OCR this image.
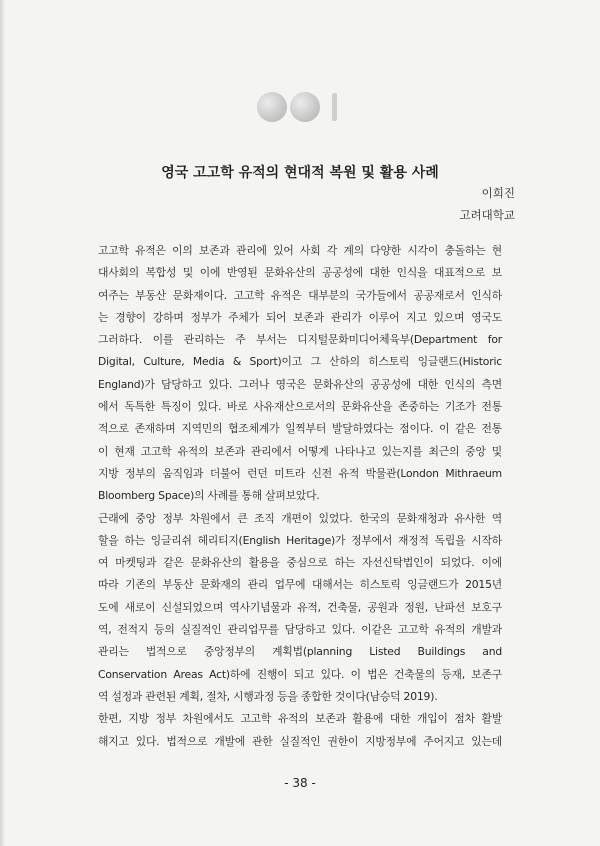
영국 고고학 유적의 현대적 복원 및 활용 사례
이희진
고려대학교
고고학 유적은 이의 보존과 관리에 있어 사회 각 계의 다양한 시각이 충돌하는 현
대사회의 복합성 및 이에 반영된 문화유산의 공공성에 대한 인식을 대표적으로 보
여주는 부동산 문화재이다. 고고학 유적은 대부분의 국가들에서 공공재로서 인식하
는 경향이 강하며 정부가 주체가 되어 보존과 관리가 이루어 지고 있으며 영국도
그러하다. 이를 관리하는 주 부서는 디지털문화미디어체육부(Department for
Digital, Culture, Media & Sport)이고 그 산하의 히스토릭 잉글랜드(Historic
England)가 담당하고 있다. 그러나 영국은 문화유산의 공공성에 대한 인식의 측면
에서 독특한 특징이 있다. 바로 사유재산으로서의 문화유산을 존중하는 기조가 전통
적으로 존재하며 지역민의 협조체계가 일찍부터 발달하였다는 점이다. 이 같은 전통
이 현재 고고학 유적의 보존과 관리에서 어떻게 나타나고 있는지를 최근의 중앙 및
지방 정부의 움직임과 더불어 런던 미트라 신전 유적 박물관(London Mithraeum
Bloomberg Space)의 사례를 통해 살펴보았다.
근래에 중앙 정부 차원에서 큰 조직 개편이 있었다. 한국의 문화재청과 유사한 역
할을 하는 잉글리쉬 헤리티지(English Heritage)가 정부에서 재정적 독립을 시작하
여 마켓팅과 같은 문화유산의 활용을 중심으로 하는 자선신탁법인이 되었다. 이에
따라 기존의 부동산 문화재의 관리 업무에 대해서는 히스토릭 잉글랜드가 2015년
도에 새로이 신설되었으며 역사기념물과 유적, 건축물, 공원과 정원, 난파선 보호구
역, 전적지 등의 실질적인 관리업무를 담당하고 있다. 이같은 고고학 유적의 개발과
관리는 법적으로 중앙정부의 계획법(planning Listed Buildings and
Conservation Areas Act)하에 진행이 되고 있다. 이 법은 건축물의 등재, 보존구
역 설정과 관련된 계획, 절차, 시행과정 등을 종합한 것이다(남승덕 2019).
한편, 지방 정부 차원에서도 고고학 유적의 보존과 활용에 대한 개입이 점차 활발
해지고 있다. 법적으로 개발에 관한 실질적인 권한이 지방정부에 주어지고 있는데
- 38 -
